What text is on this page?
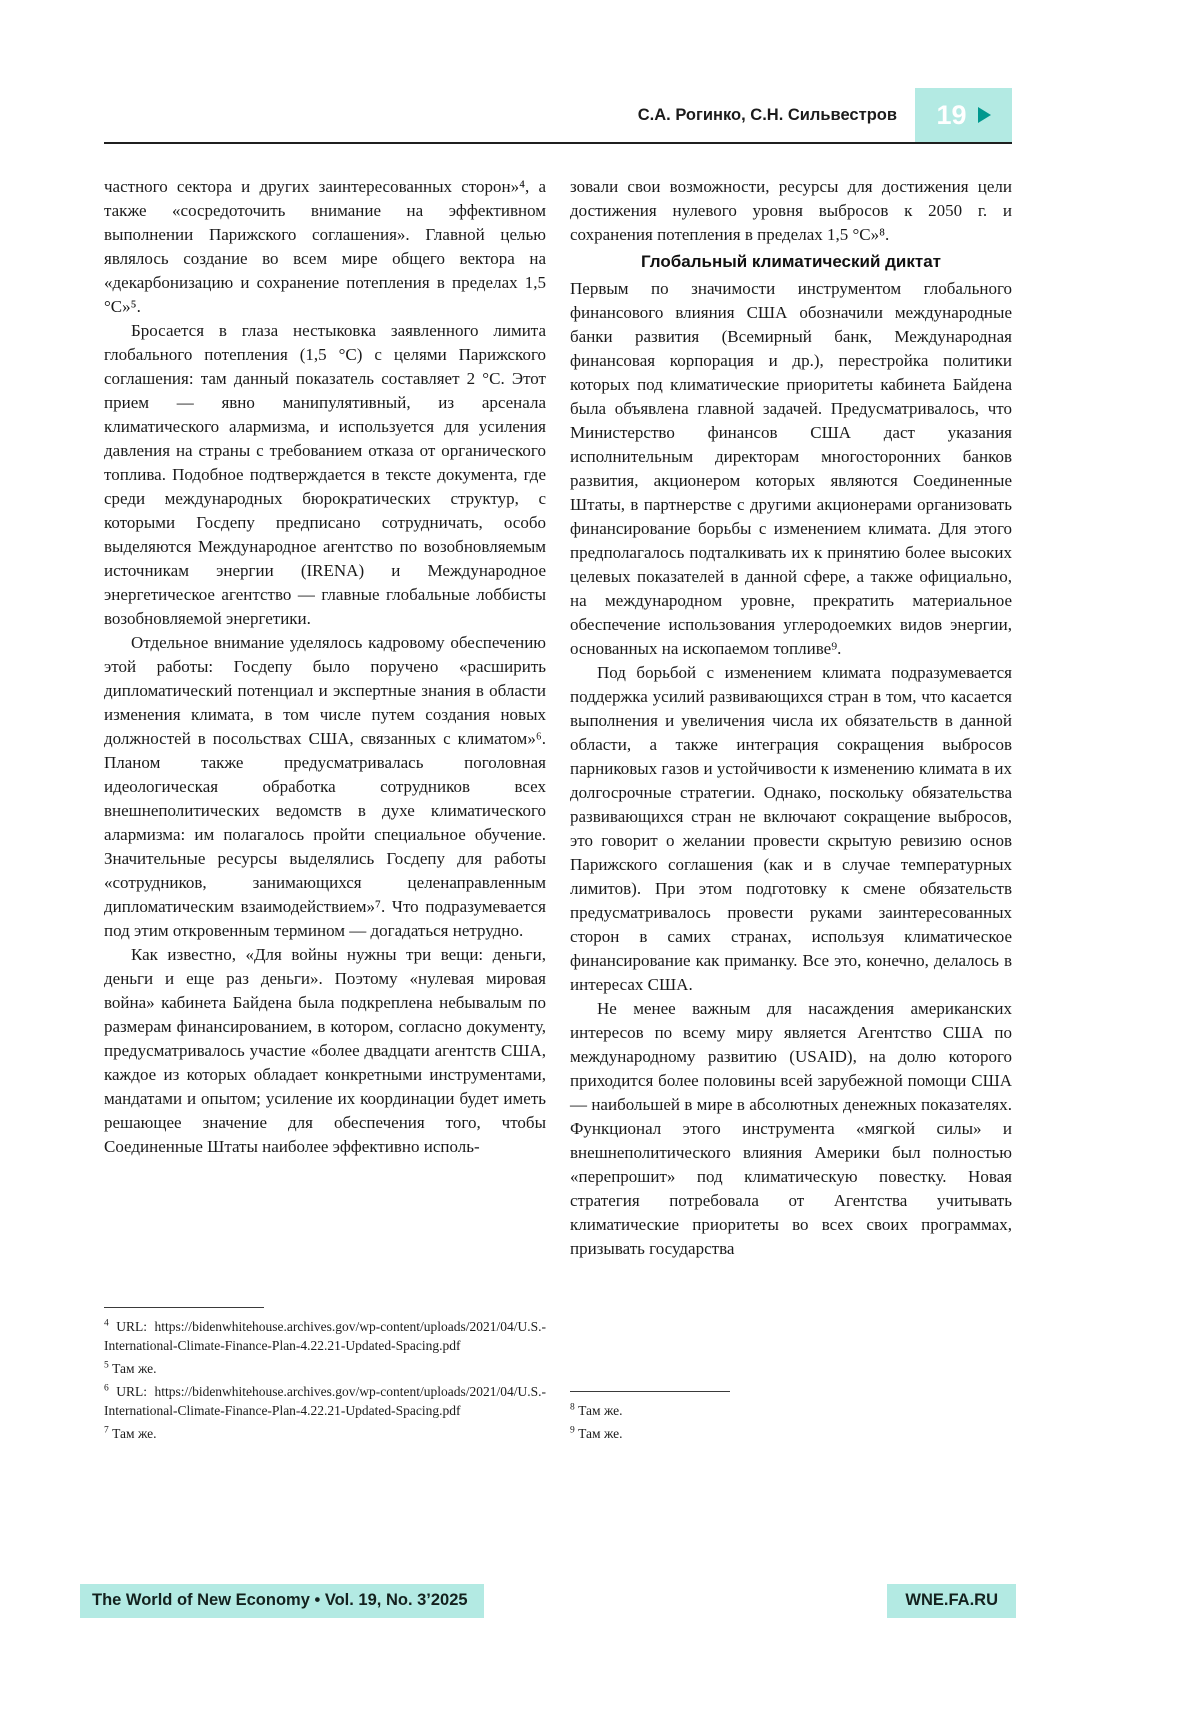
С.А. Рогинко, С.Н. Сильвестров 19

частного сектора и других заинтересованных сторон»⁴, а также «сосредоточить внимание на эффективном выполнении Парижского соглашения». Главной целью являлось создание во всем мире общего вектора на «декарбонизацию и сохранение потепления в пределах 1,5 °С»⁵.

Бросается в глаза нестыковка заявленного лимита глобального потепления (1,5 °С) с целями Парижского соглашения: там данный показатель составляет 2 °С. Этот прием — явно манипулятивный, из арсенала климатического алармизма, и используется для усиления давления на страны с требованием отказа от органического топлива. Подобное подтверждается в тексте документа, где среди международных бюрократических структур, с которыми Госдепу предписано сотрудничать, особо выделяются Международное агентство по возобновляемым источникам энергии (IRENA) и Международное энергетическое агентство — главные глобальные лоббисты возобновляемой энергетики.

Отдельное внимание уделялось кадровому обеспечению этой работы: Госдепу было поручено «расширить дипломатический потенциал и экспертные знания в области изменения климата, в том числе путем создания новых должностей в посольствах США, связанных с климатом»⁶. Планом также предусматривалась поголовная идеологическая обработка сотрудников всех внешнеполитических ведомств в духе климатического алармизма: им полагалось пройти специальное обучение. Значительные ресурсы выделялись Госдепу для работы «сотрудников, занимающихся целенаправленным дипломатическим взаимодействием»⁷. Что подразумевается под этим откровенным термином — догадаться нетрудно.

Как известно, «Для войны нужны три вещи: деньги, деньги и еще раз деньги». Поэтому «нулевая мировая война» кабинета Байдена была подкреплена небывалым по размерам финансированием, в котором, согласно документу, предусматривалось участие «более двадцати агентств США, каждое из которых обладает конкретными инструментами, мандатами и опытом; усиление их координации будет иметь решающее значение для обеспечения того, чтобы Соединенные Штаты наиболее эффективно исполь-

$^4$ URL: https://bidenwhitehouse.archives.gov/wp-content/uploads/2021/04/U.S.-International-Climate-Finance-Plan-4.22.21-Updated-Spacing.pdf

$^5$ Там же.

$^6$ URL: https://bidenwhitehouse.archives.gov/wp-content/uploads/2021/04/U.S.-International-Climate-Finance-Plan-4.22.21-Updated-Spacing.pdf

$^7$ Там же.

зовали свои возможности, ресурсы для достижения цели достижения нулевого уровня выбросов к 2050 г. и сохранения потепления в пределах 1,5 °С»⁸.

Глобальный климатический диктат

Первым по значимости инструментом глобального финансового влияния США обозначили международные банки развития (Всемирный банк, Международная финансовая корпорация и др.), перестройка политики которых под климатические приоритеты кабинета Байдена была объявлена главной задачей. Предусматривалось, что Министерство финансов США даст указания исполнительным директорам многосторонних банков развития, акционером которых являются Соединенные Штаты, в партнерстве с другими акционерами организовать финансирование борьбы с изменением климата. Для этого предполагалось подталкивать их к принятию более высоких целевых показателей в данной сфере, а также официально, на международном уровне, прекратить материальное обеспечение использования углеродоемких видов энергии, основанных на ископаемом топливе⁹.

Под борьбой с изменением климата подразумевается поддержка усилий развивающихся стран в том, что касается выполнения и увеличения числа их обязательств в данной области, а также интеграция сокращения выбросов парниковых газов и устойчивости к изменению климата в их долгосрочные стратегии. Однако, поскольку обязательства развивающихся стран не включают сокращение выбросов, это говорит о желании провести скрытую ревизию основ Парижского соглашения (как и в случае температурных лимитов). При этом подготовку к смене обязательств предусматривалось провести руками заинтересованных сторон в самих странах, используя климатическое финансирование как приманку. Все это, конечно, делалось в интересах США.

Не менее важным для насаждения американских интересов по всему миру является Агентство США по международному развитию (USAID), на долю которого приходится более половины всей зарубежной помощи США — наибольшей в мире в абсолютных денежных показателях. Функционал этого инструмента «мягкой силы» и внешнеполитического влияния Америки был полностью «перепрошит» под климатическую повестку. Новая стратегия потребовала от Агентства учитывать климатические приоритеты во всех своих программах, призывать государства

$^8$ Там же.

$^9$ Там же.

The World of New Economy • Vol. 19, No. 3’2025	WNE.FA.RU
